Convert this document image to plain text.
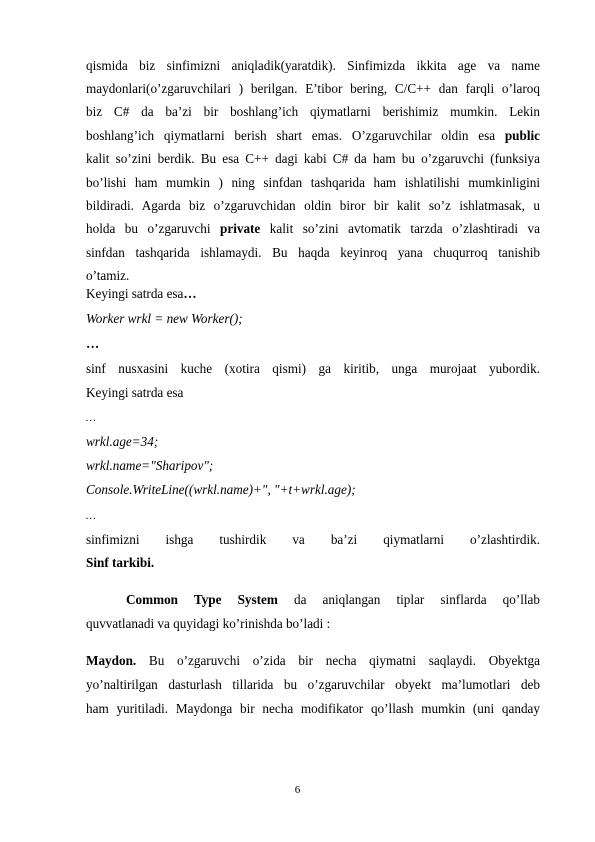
qismida biz sinfimizni aniqladik(yaratdik). Sinfimizda ikkita age va name
maydonlari(o’zgaruvchilari ) berilgan. E’tibor bering, C/C++ dan farqli o’laroq
biz C# da ba’zi bir boshlang’ich qiymatlarni berishimiz mumkin. Lekin
boshlang’ich qiymatlarni berish shart emas. O’zgaruvchilar oldin esa public
kalit so’zini berdik. Bu esa C++ dagi kabi C# da ham bu o’zgaruvchi (funksiya
bo’lishi ham mumkin ) ning sinfdan tashqarida ham ishlatilishi mumkinligini
bildiradi. Agarda biz o’zgaruvchidan oldin biror bir kalit so’z ishlatmasak, u
holda bu o’zgaruvchi private kalit so’zini avtomatik tarzda o’zlashtiradi va
sinfdan tashqarida ishlamaydi. Bu haqda keyinroq yana chuqurroq tanishib
o’tamiz.
Keyingi satrda esa…
Worker wrkl = new Worker();
…
sinf nusxasini kuche (xotira qismi) ga kiritib, unga murojaat yubordik.
Keyingi satrda esa
…
wrkl.age=34;
wrkl.name="Sharipov";
Console.WriteLine((wrkl.name)+", "+t+wrkl.age);
…
sinfimizni ishga tushirdik va ba’zi qiymatlarni o’zlashtirdik.
Sinf tarkibi.
Common Type System da aniqlangan tiplar sinflarda qo’llab
quvvatlanadi va quyidagi ko’rinishda bo’ladi :
Maydon. Bu o’zgaruvchi o’zida bir necha qiymatni saqlaydi. Obyektga
yo’naltirilgan dasturlash tillarida bu o’zgaruvchilar obyekt ma’lumotlari deb
ham yuritiladi. Maydonga bir necha modifikator qo’llash mumkin (uni qanday
6
